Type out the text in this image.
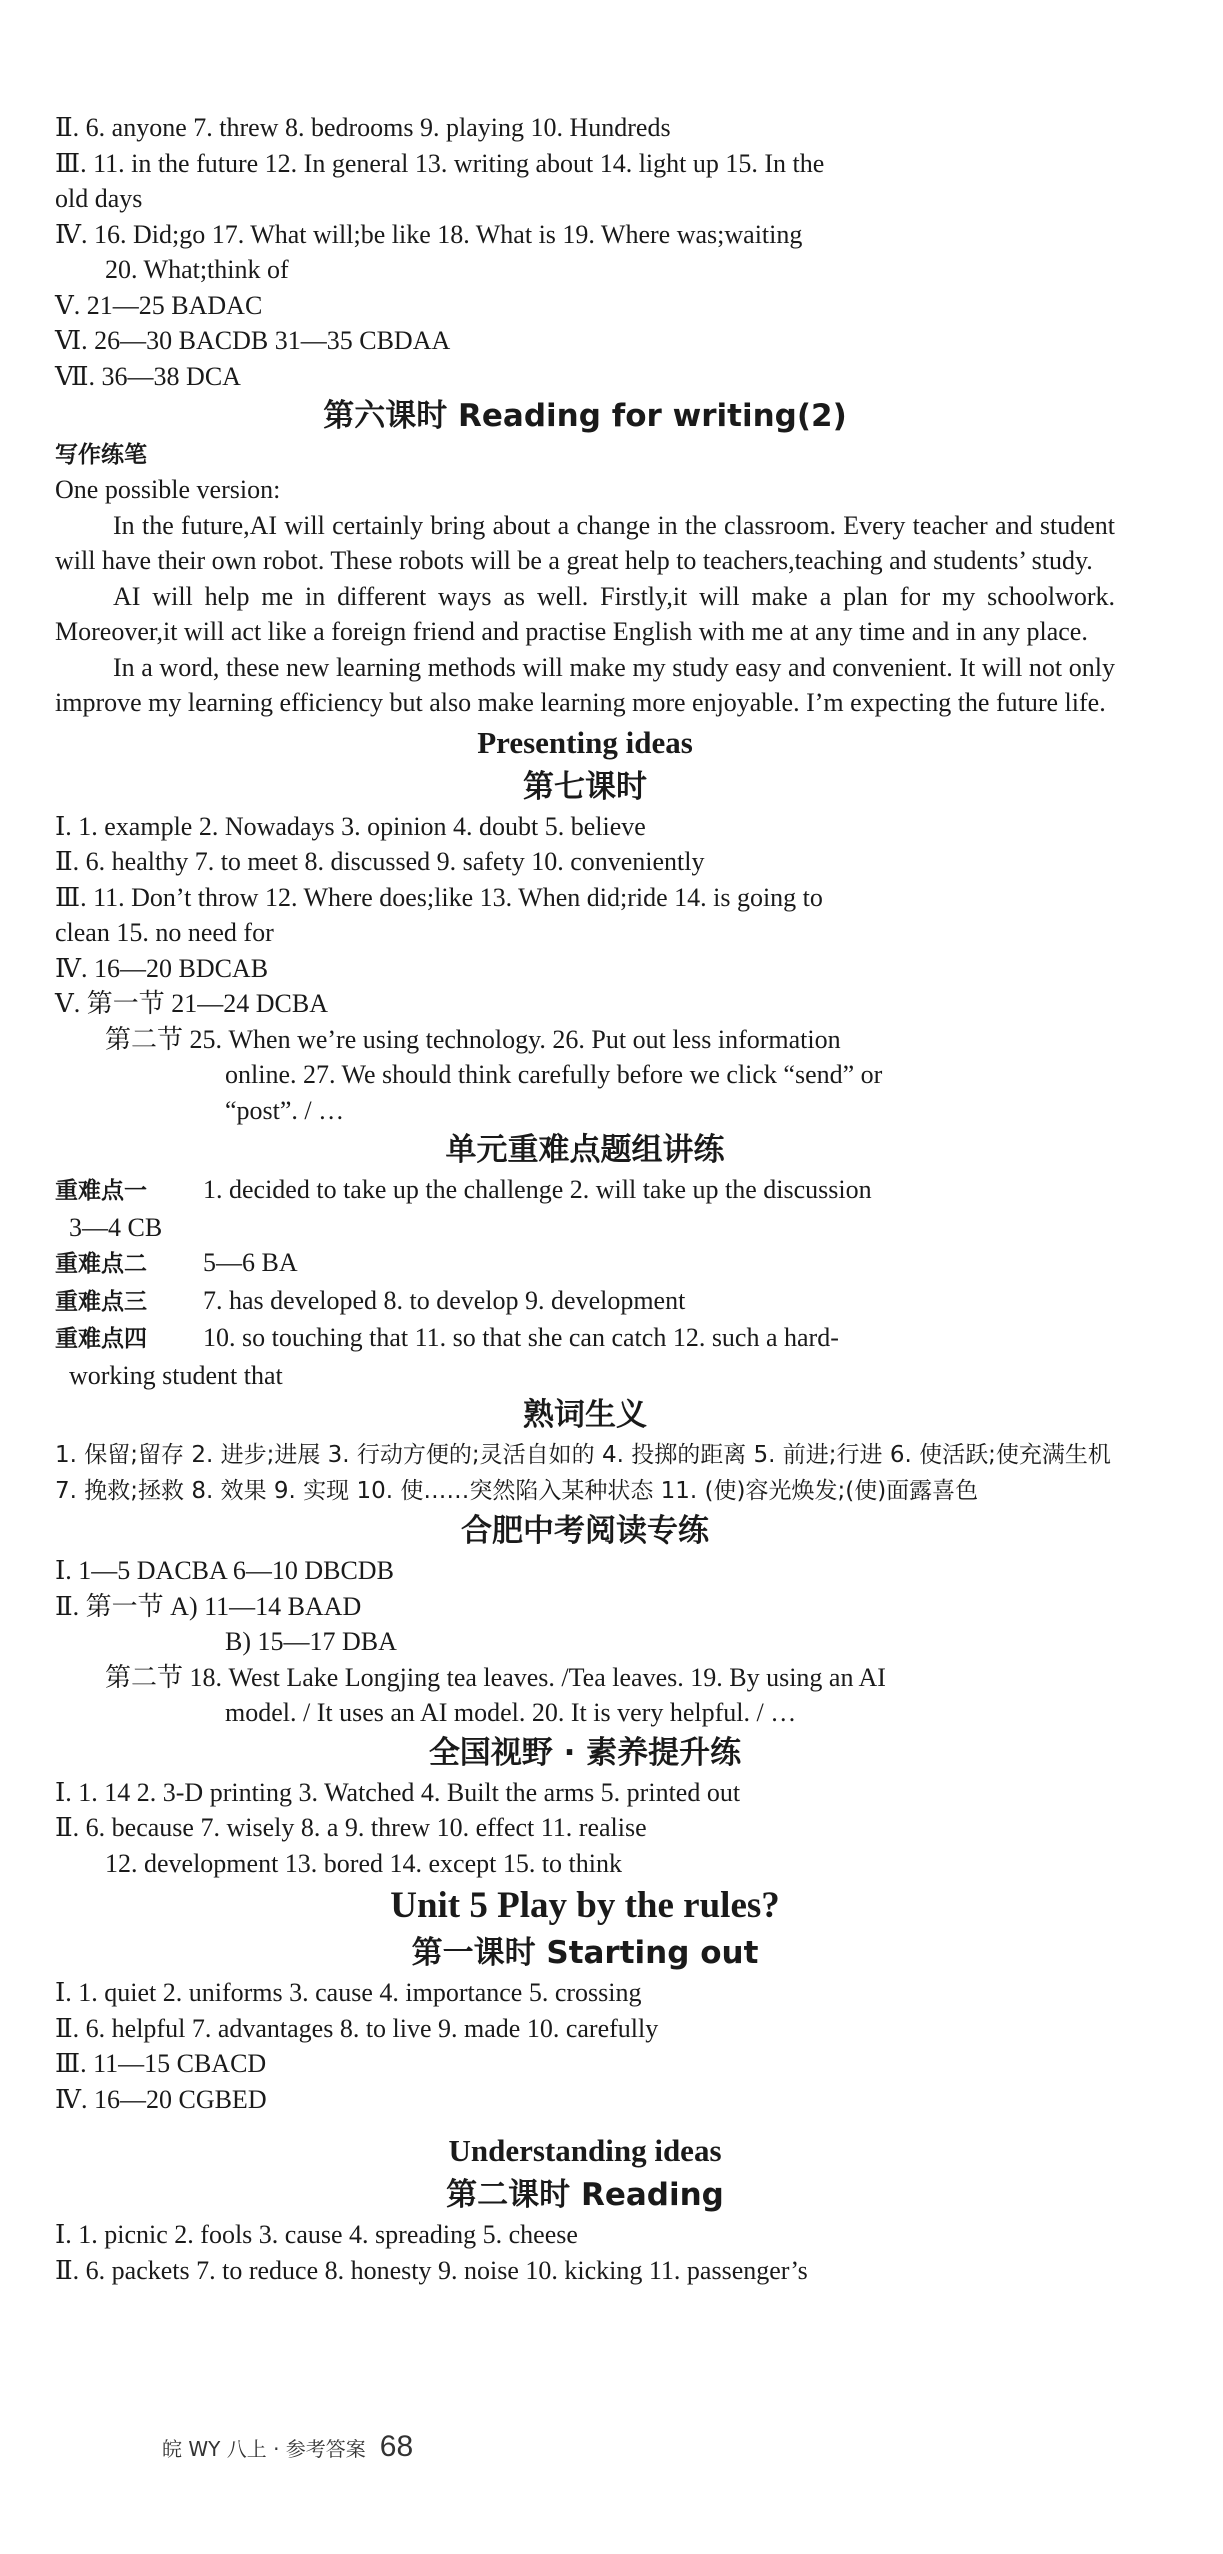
Ⅱ. 6. anyone 7. threw 8. bedrooms 9. playing 10. Hundreds
Ⅲ. 11. in the future 12. In general 13. writing about 14. light up 15. In the
old days
Ⅳ. 16. Did;go 17. What will;be like 18. What is 19. Where was;waiting
20. What;think of
Ⅴ. 21—25 BADAC
Ⅵ. 26—30 BACDB 31—35 CBDAA
Ⅶ. 36—38 DCA
第六课时 Reading for writing(2)
写作练笔
One possible version:
In the future,AI will certainly bring about a change in the classroom. Every teacher and student will have their own robot. These robots will be a great help to teachers,teaching and students’ study.
AI will help me in different ways as well. Firstly,it will make a plan for my schoolwork. Moreover,it will act like a foreign friend and practise English with me at any time and in any place.
In a word, these new learning methods will make my study easy and convenient. It will not only improve my learning efficiency but also make learning more enjoyable. I’m expecting the future life.
Presenting ideas
第七课时
Ⅰ. 1. example 2. Nowadays 3. opinion 4. doubt 5. believe
Ⅱ. 6. healthy 7. to meet 8. discussed 9. safety 10. conveniently
Ⅲ. 11. Don’t throw 12. Where does;like 13. When did;ride 14. is going to
clean 15. no need for
Ⅳ. 16—20 BDCAB
Ⅴ. 第一节 21—24 DCBA
第二节 25. When we’re using technology. 26. Put out less information
online. 27. We should think carefully before we click “send” or
“post”. / …
单元重难点题组讲练
重难点一 1. decided to take up the challenge 2. will take up the discussion
3—4 CB
重难点二 5—6 BA
重难点三 7. has developed 8. to develop 9. development
重难点四 10. so touching that 11. so that she can catch 12. such a hard-
working student that
熟词生义
1. 保留;留存 2. 进步;进展 3. 行动方便的;灵活自如的 4. 投掷的距离 5. 前进;行进 6. 使活跃;使充满生机 7. 挽救;拯救 8. 效果 9. 实现 10. 使……突然陷入某种状态 11. (使)容光焕发;(使)面露喜色
合肥中考阅读专练
Ⅰ. 1—5 DACBA 6—10 DBCDB
Ⅱ. 第一节 A) 11—14 BAAD
B) 15—17 DBA
第二节 18. West Lake Longjing tea leaves. /Tea leaves. 19. By using an AI
model. / It uses an AI model. 20. It is very helpful. / …
全国视野 · 素养提升练
Ⅰ. 1. 14 2. 3-D printing 3. Watched 4. Built the arms 5. printed out
Ⅱ. 6. because 7. wisely 8. a 9. threw 10. effect 11. realise
12. development 13. bored 14. except 15. to think
Unit 5 Play by the rules?
第一课时 Starting out
Ⅰ. 1. quiet 2. uniforms 3. cause 4. importance 5. crossing
Ⅱ. 6. helpful 7. advantages 8. to live 9. made 10. carefully
Ⅲ. 11—15 CBACD
Ⅳ. 16—20 CGBED
Understanding ideas
第二课时 Reading
Ⅰ. 1. picnic 2. fools 3. cause 4. spreading 5. cheese
Ⅱ. 6. packets 7. to reduce 8. honesty 9. noise 10. kicking 11. passenger’s
皖 WY 八上 · 参考答案 68
